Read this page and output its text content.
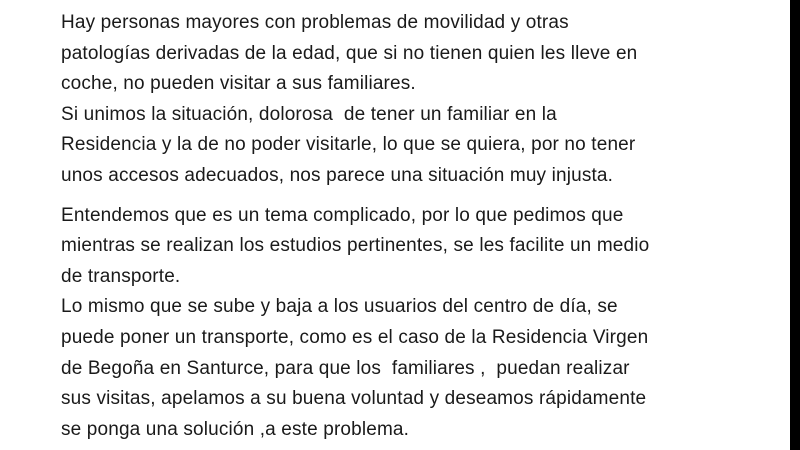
Hay personas mayores con problemas de movilidad y otras
patologías derivadas de la edad, que si no tienen quien les lleve en
coche, no pueden visitar a sus familiares.
Si unimos la situación, dolorosa  de tener un familiar en la
Residencia y la de no poder visitarle, lo que se quiera, por no tener
unos accesos adecuados, nos parece una situación muy injusta.
Entendemos que es un tema complicado, por lo que pedimos que
mientras se realizan los estudios pertinentes, se les facilite un medio
de transporte.
Lo mismo que se sube y baja a los usuarios del centro de día, se
puede poner un transporte, como es el caso de la Residencia Virgen
de Begoña en Santurce, para que los  familiares ,  puedan realizar
sus visitas, apelamos a su buena voluntad y deseamos rápidamente
se ponga una solución ,a este problema.
